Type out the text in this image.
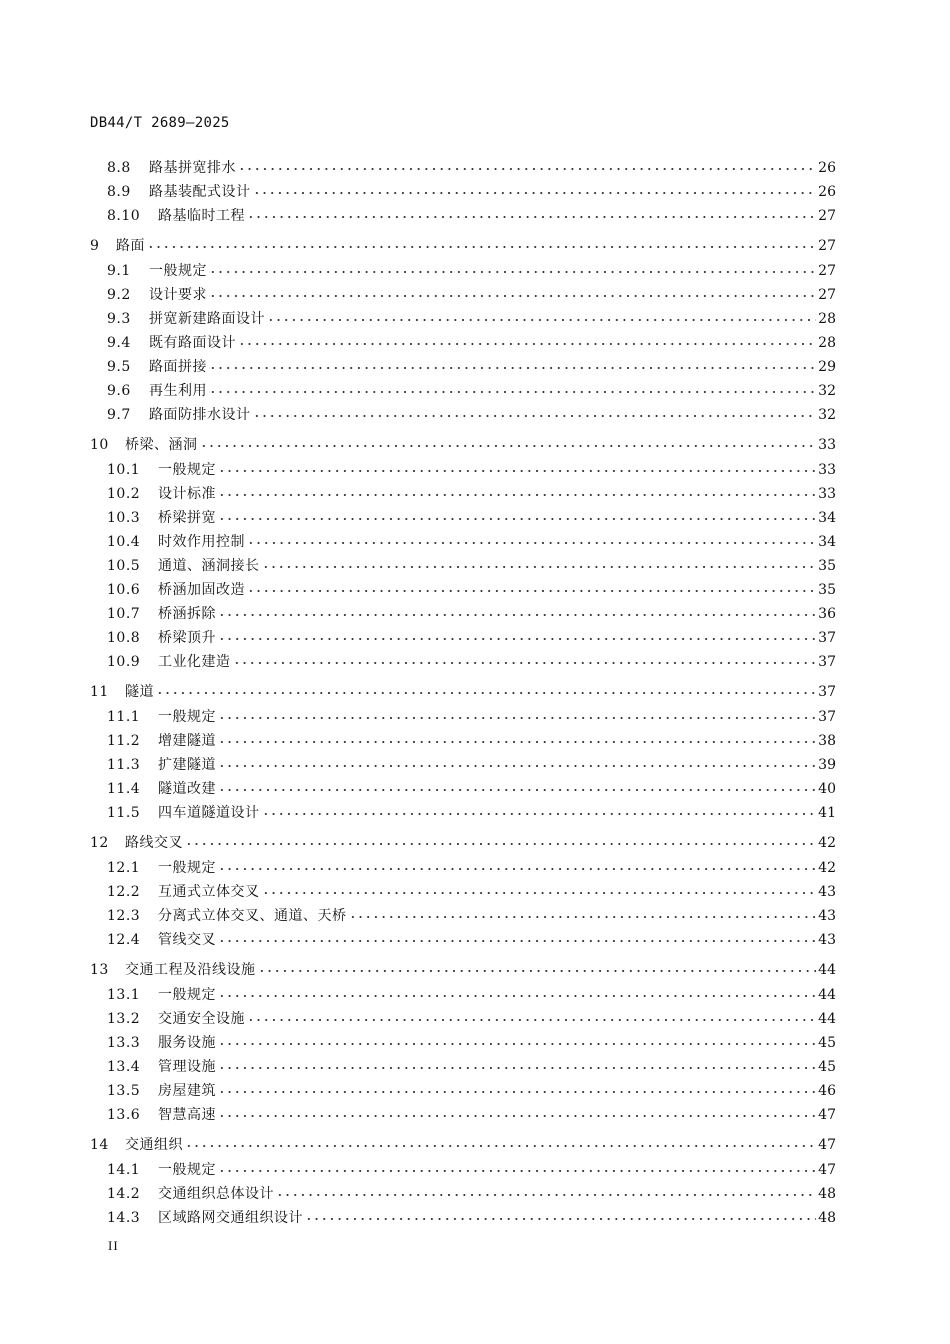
DB44/T 2689—2025
8.8 路基拼宽排水	26
8.9 路基装配式设计	26
8.10 路基临时工程	27
9 路面	27
9.1 一般规定	27
9.2 设计要求	27
9.3 拼宽新建路面设计	28
9.4 既有路面设计	28
9.5 路面拼接	29
9.6 再生利用	32
9.7 路面防排水设计	32
10 桥梁、涵洞	33
10.1 一般规定	33
10.2 设计标准	33
10.3 桥梁拼宽	34
10.4 时效作用控制	34
10.5 通道、涵洞接长	35
10.6 桥涵加固改造	35
10.7 桥涵拆除	36
10.8 桥梁顶升	37
10.9 工业化建造	37
11 隧道	37
11.1 一般规定	37
11.2 增建隧道	38
11.3 扩建隧道	39
11.4 隧道改建	40
11.5 四车道隧道设计	41
12 路线交叉	42
12.1 一般规定	42
12.2 互通式立体交叉	43
12.3 分离式立体交叉、通道、天桥	43
12.4 管线交叉	43
13 交通工程及沿线设施	44
13.1 一般规定	44
13.2 交通安全设施	44
13.3 服务设施	45
13.4 管理设施	45
13.5 房屋建筑	46
13.6 智慧高速	47
14 交通组织	47
14.1 一般规定	47
14.2 交通组织总体设计	48
14.3 区域路网交通组织设计	48
II
